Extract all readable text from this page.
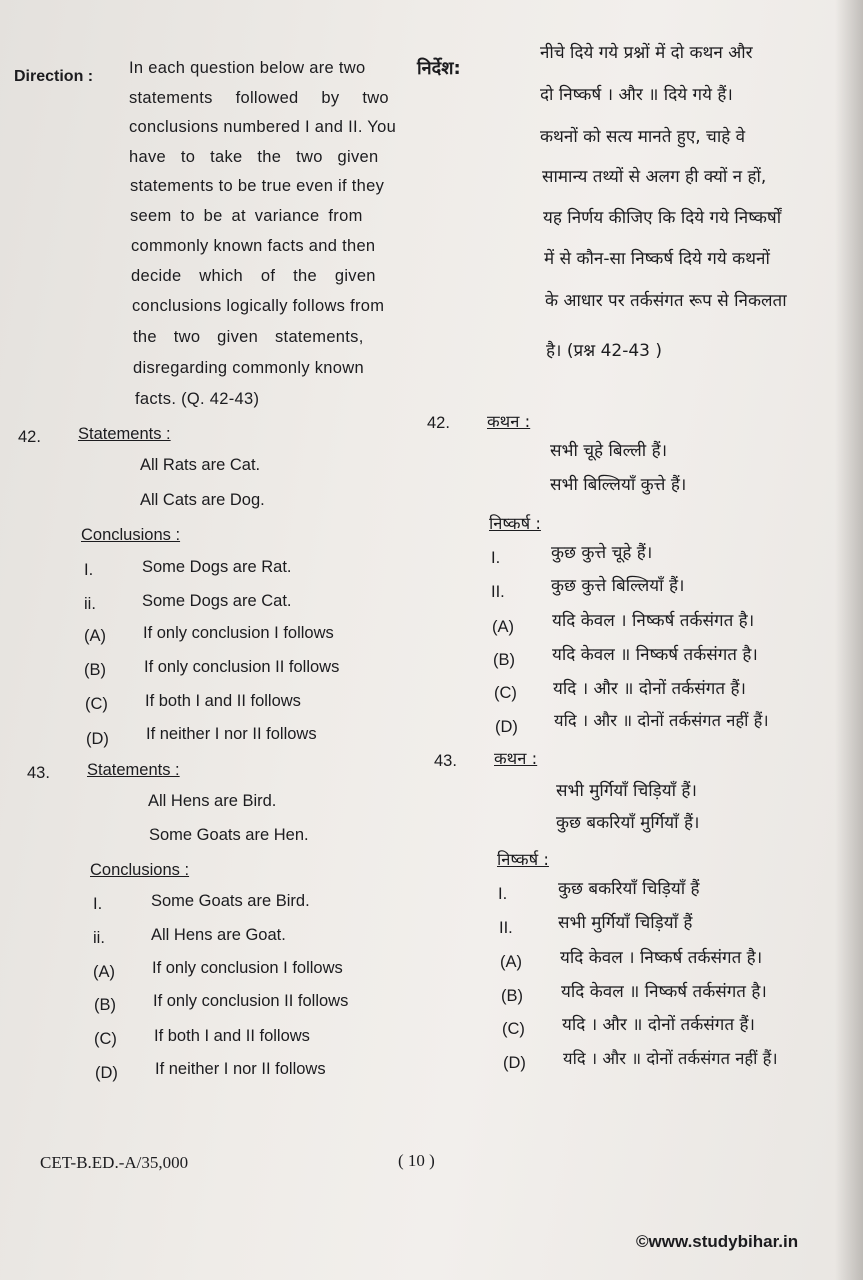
Direction : In each question below are two
statements followed by two
conclusions numbered I and II. You
have to take the two given
statements to be true even if they
seem to be at variance from
commonly known facts and then
decide which of the given
conclusions logically follows from
the two given statements,
disregarding commonly known
facts. (Q. 42-43)
42. Statements :
All Rats are Cat.
All Cats are Dog.
Conclusions :
I.	Some Dogs are Rat.
ii.	Some Dogs are Cat.
(A) If only conclusion I follows
(B) If only conclusion II follows
(C) If both I and II follows
(D) If neither I nor II follows
43. Statements :
All Hens are Bird.
Some Goats are Hen.
Conclusions :
I.	Some Goats are Bird.
ii.	All Hens are Goat.
(A) If only conclusion I follows
(B) If only conclusion II follows
(C) If both I and II follows
(D) If neither I nor II follows
निर्देश:
नीचे दिये गये प्रश्नों में दो कथन और
दो निष्कर्ष । और ॥ दिये गये हैं।
कथनों को सत्य मानते हुए, चाहे वे
सामान्य तथ्यों से अलग ही क्यों न हों,
यह निर्णय कीजिए कि दिये गये निष्कर्षों
में से कौन-सा निष्कर्ष दिये गये कथनों
के आधार पर तर्कसंगत रूप से निकलता
है। (प्रश्न 42-43 )
42. कथन :
सभी चूहे बिल्ली हैं।
सभी बिल्लियाँ कुत्ते हैं।
निष्कर्ष :
I.	कुछ कुत्ते चूहे हैं।
II.	कुछ कुत्ते बिल्लियाँ हैं।
(A) यदि केवल । निष्कर्ष तर्कसंगत है।
(B) यदि केवल ॥ निष्कर्ष तर्कसंगत है।
(C) यदि । और ॥ दोनों तर्कसंगत हैं।
(D) यदि । और ॥ दोनों तर्कसंगत नहीं हैं।
43. कथन :
सभी मुर्गियाँ चिड़ियाँ हैं।
कुछ बकरियाँ मुर्गियाँ हैं।
निष्कर्ष :
I.	कुछ बकरियाँ चिड़ियाँ हैं
II.	सभी मुर्गियाँ चिड़ियाँ हैं
(A) यदि केवल । निष्कर्ष तर्कसंगत है।
(B) यदि केवल ॥ निष्कर्ष तर्कसंगत है।
(C) यदि । और ॥ दोनों तर्कसंगत हैं।
(D) यदि । और ॥ दोनों तर्कसंगत नहीं हैं।
CET-B.ED.-A/35,000	( 10 )
©www.studybihar.in
